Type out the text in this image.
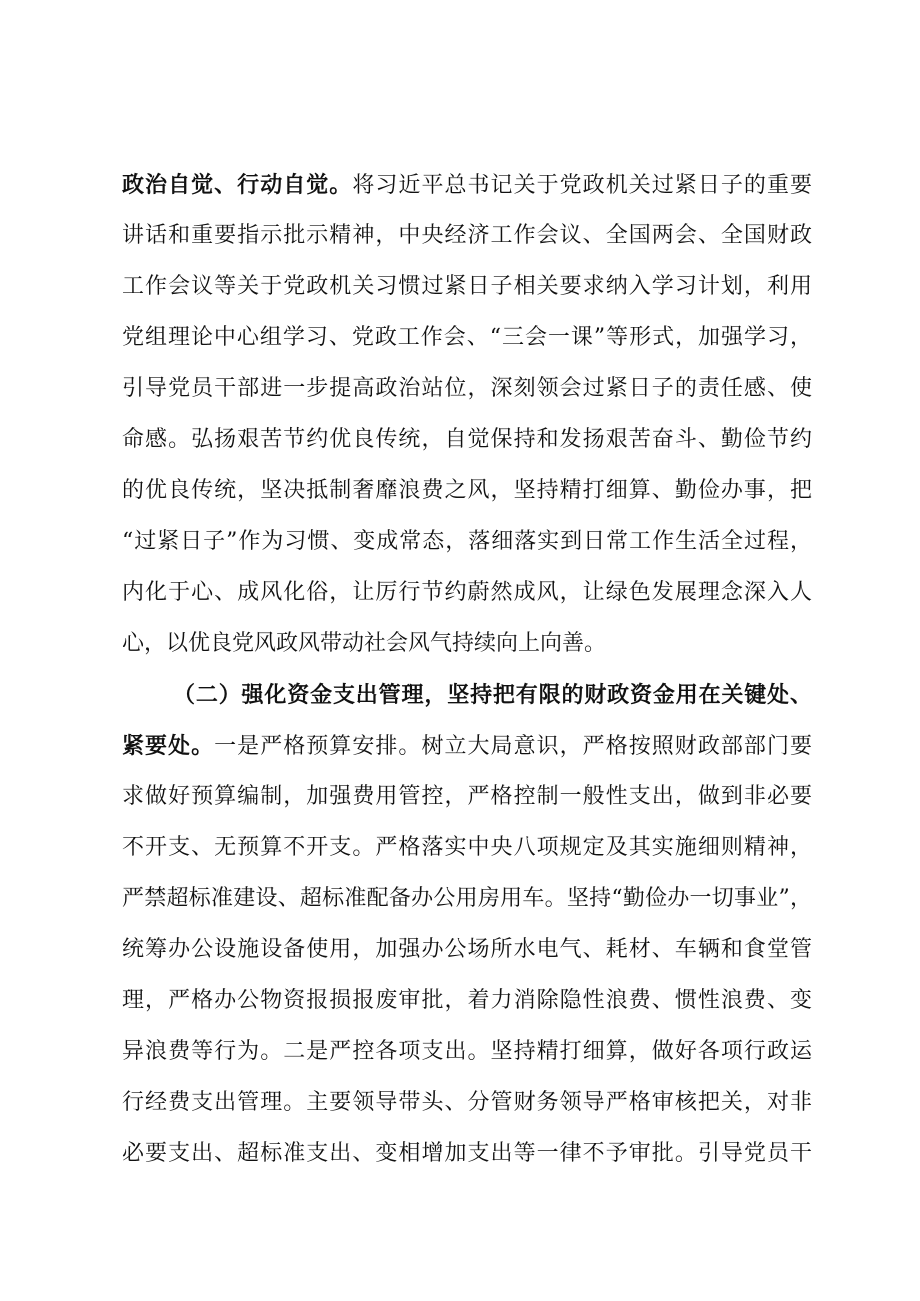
政治自觉、行动自觉。将习近平总书记关于党政机关过紧日子的重要
讲话和重要指示批示精神，中央经济工作会议、全国两会、全国财政
工作会议等关于党政机关习惯过紧日子相关要求纳入学习计划，利用
党组理论中心组学习、党政工作会、“三会一课”等形式，加强学习，
引导党员干部进一步提高政治站位，深刻领会过紧日子的责任感、使
命感。弘扬艰苦节约优良传统，自觉保持和发扬艰苦奋斗、勤俭节约
的优良传统，坚决抵制奢靡浪费之风，坚持精打细算、勤俭办事，把
“过紧日子”作为习惯、变成常态，落细落实到日常工作生活全过程，
内化于心、成风化俗，让厉行节约蔚然成风，让绿色发展理念深入人
心，以优良党风政风带动社会风气持续向上向善。
（二）强化资金支出管理，坚持把有限的财政资金用在关键处、
紧要处。一是严格预算安排。树立大局意识，严格按照财政部部门要
求做好预算编制，加强费用管控，严格控制一般性支出，做到非必要
不开支、无预算不开支。严格落实中央八项规定及其实施细则精神，
严禁超标准建设、超标准配备办公用房用车。坚持“勤俭办一切事业”，
统筹办公设施设备使用，加强办公场所水电气、耗材、车辆和食堂管
理，严格办公物资报损报废审批，着力消除隐性浪费、惯性浪费、变
异浪费等行为。二是严控各项支出。坚持精打细算，做好各项行政运
行经费支出管理。主要领导带头、分管财务领导严格审核把关，对非
必要支出、超标准支出、变相增加支出等一律不予审批。引导党员干
